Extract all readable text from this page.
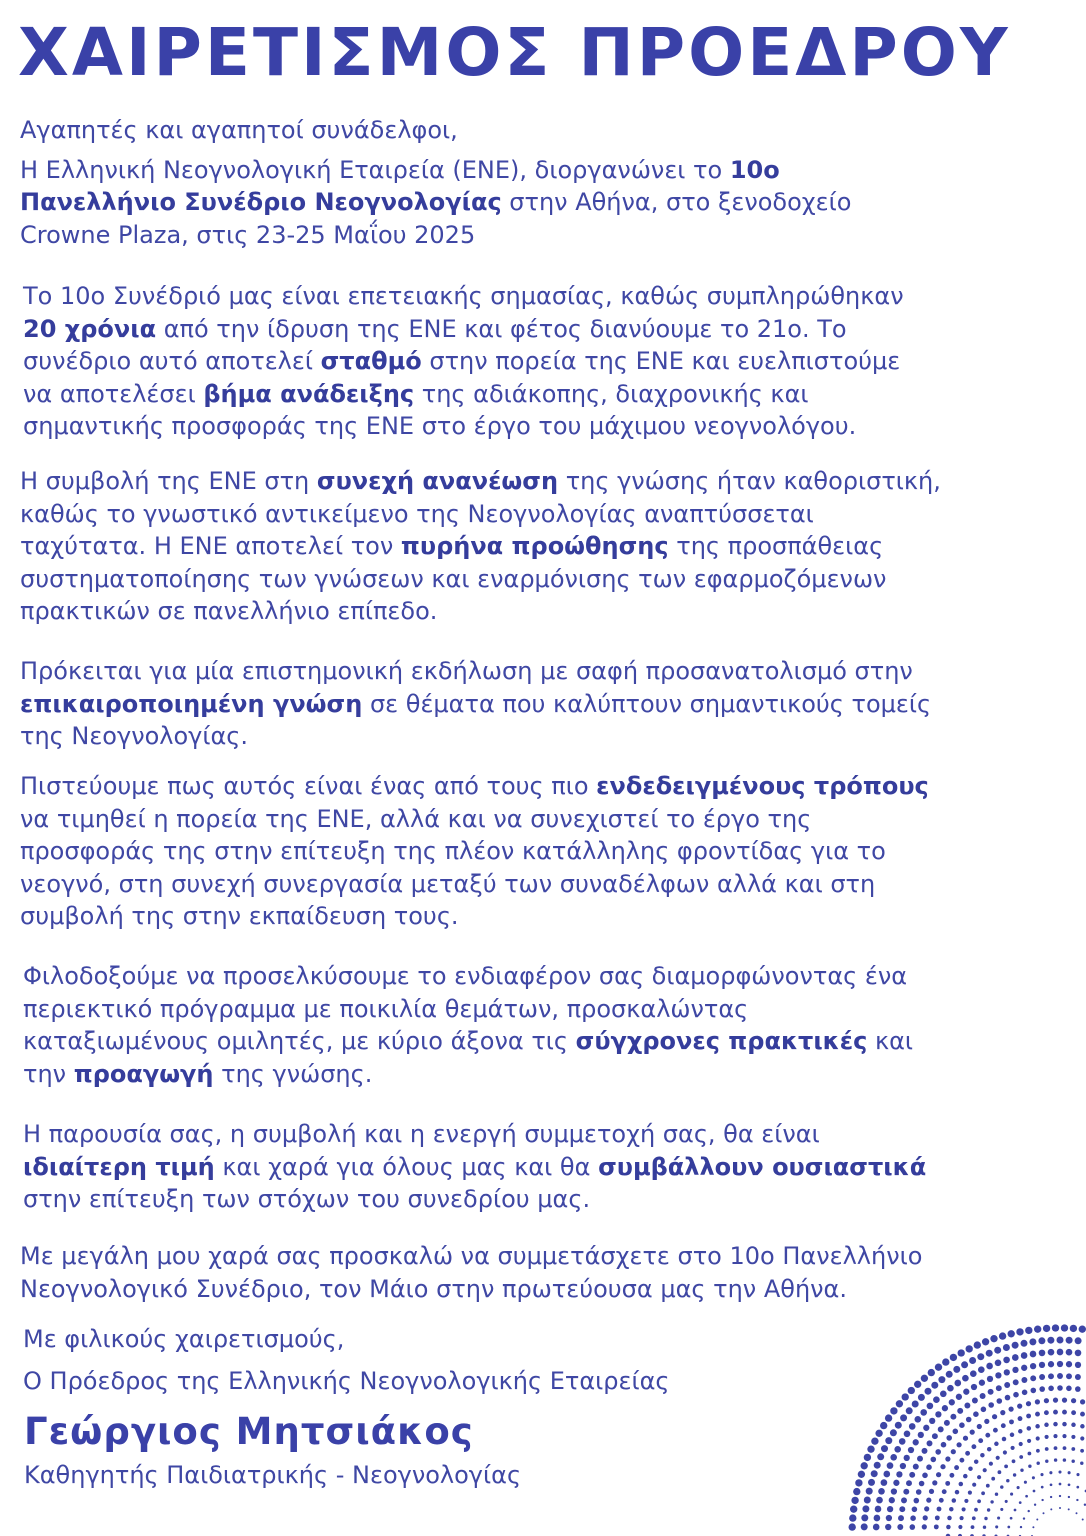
ΧΑΙΡΕΤΙΣΜΟΣ ΠΡΟΕΔΡΟΥ

Αγαπητές και αγαπητοί συνάδελφοι,

Η Ελληνική Νεογνολογική Εταιρεία (ΕΝΕ), διοργανώνει το 10ο

Πανελλήνιο Συνέδριο Νεογνολογίας στην Αθήνα, στο ξενοδοχείο

Crowne Plaza, στις 23-25 Μαΐου 2025

Το 10ο Συνέδριό μας είναι επετειακής σημασίας, καθώς συμπληρώθηκαν

20 χρόνια από την ίδρυση της ΕΝΕ και φέτος διανύουμε το 21ο. Το

συνέδριο αυτό αποτελεί σταθμό στην πορεία της ΕΝΕ και ευελπιστούμε

να αποτελέσει βήμα ανάδειξης της αδιάκοπης, διαχρονικής και

σημαντικής προσφοράς της ΕΝΕ στο έργο του μάχιμου νεογνολόγου.

Η συμβολή της ΕΝΕ στη συνεχή ανανέωση της γνώσης ήταν καθοριστική,

καθώς το γνωστικό αντικείμενο της Νεογνολογίας αναπτύσσεται

ταχύτατα. Η ΕΝΕ αποτελεί τον πυρήνα προώθησης της προσπάθειας

συστηματοποίησης των γνώσεων και εναρμόνισης των εφαρμοζόμενων

πρακτικών σε πανελλήνιο επίπεδο.

Πρόκειται για μία επιστημονική εκδήλωση με σαφή προσανατολισμό στην

επικαιροποιημένη γνώση σε θέματα που καλύπτουν σημαντικούς τομείς

της Νεογνολογίας.

Πιστεύουμε πως αυτός είναι ένας από τους πιο ενδεδειγμένους τρόπους

να τιμηθεί η πορεία της ΕΝΕ, αλλά και να συνεχιστεί το έργο της

προσφοράς της στην επίτευξη της πλέον κατάλληλης φροντίδας για το

νεογνό, στη συνεχή συνεργασία μεταξύ των συναδέλφων αλλά και στη

συμβολή της στην εκπαίδευση τους.

Φιλοδοξούμε να προσελκύσουμε το ενδιαφέρον σας διαμορφώνοντας ένα

περιεκτικό πρόγραμμα με ποικιλία θεμάτων, προσκαλώντας

καταξιωμένους ομιλητές, με κύριο άξονα τις σύγχρονες πρακτικές και

την προαγωγή της γνώσης.

Η παρουσία σας, η συμβολή και η ενεργή συμμετοχή σας, θα είναι

ιδιαίτερη τιμή και χαρά για όλους μας και θα συμβάλλουν ουσιαστικά

στην επίτευξη των στόχων του συνεδρίου μας.

Με μεγάλη μου χαρά σας προσκαλώ να συμμετάσχετε στο 10ο Πανελλήνιο

Νεογνολογικό Συνέδριο, τον Μάιο στην πρωτεύουσα μας την Αθήνα.

Με φιλικούς χαιρετισμούς,

Ο Πρόεδρος της Ελληνικής Νεογνολογικής Εταιρείας

Γεώργιος Μητσιάκος
Καθηγητής Παιδιατρικής - Νεογνολογίας
